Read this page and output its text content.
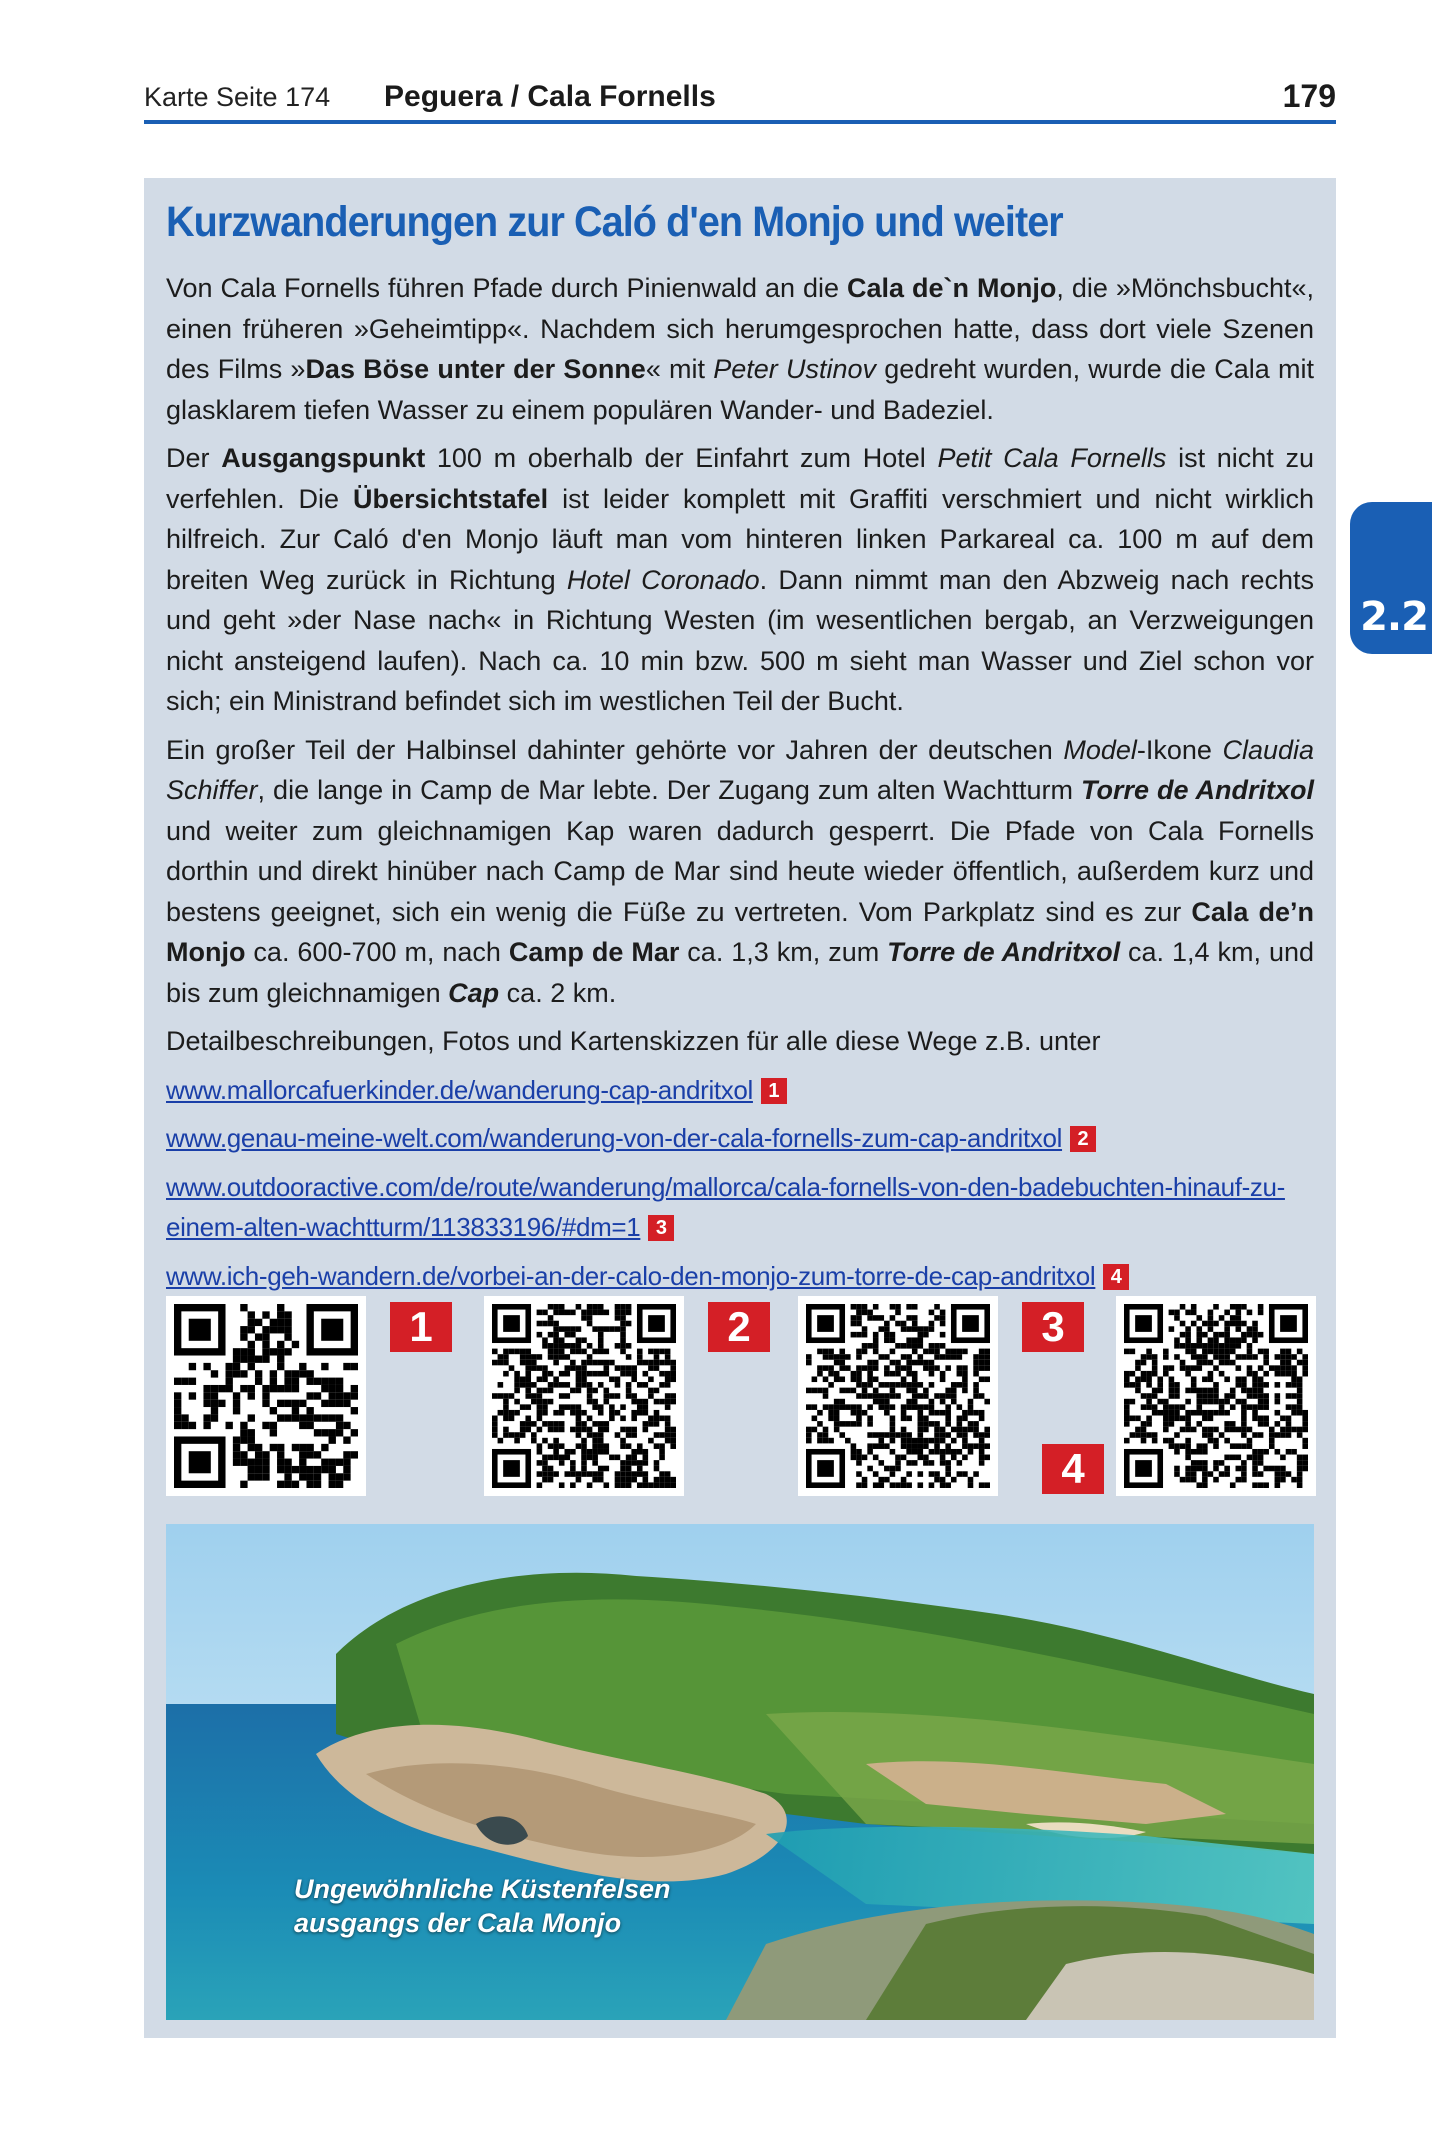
Karte Seite 174 Peguera / Cala Fornells	179
2.2
Kurzwanderungen zur Caló d'en Monjo und weiter

Von Cala Fornells führen Pfade durch Pinienwald an die Cala de`n Monjo, die »Mönchsbucht«, einen früheren »Geheimtipp«. Nachdem sich herumgesprochen hatte, dass dort viele Szenen des Films »Das Böse unter der Sonne« mit Peter Ustinov gedreht wurden, wurde die Cala mit glasklarem tiefen Wasser zu einem populären Wander- und Badeziel.

Der Ausgangspunkt 100 m oberhalb der Einfahrt zum Hotel Petit Cala Fornells ist nicht zu verfehlen. Die Übersichtstafel ist leider komplett mit Graffiti verschmiert und nicht wirklich hilfreich. Zur Caló d'en Monjo läuft man vom hinteren linken Parkareal ca. 100 m auf dem breiten Weg zurück in Richtung Hotel Coronado. Dann nimmt man den Abzweig nach rechts und geht »der Nase nach« in Richtung Westen (im wesentlichen bergab, an Verzweigungen nicht ansteigend laufen). Nach ca. 10 min bzw. 500 m sieht man Wasser und Ziel schon vor sich; ein Ministrand befindet sich im westlichen Teil der Bucht.

Ein großer Teil der Halbinsel dahinter gehörte vor Jahren der deutschen Model-Ikone Claudia Schiffer, die lange in Camp de Mar lebte. Der Zugang zum alten Wachtturm Torre de Andritxol und weiter zum gleichnamigen Kap waren dadurch gesperrt. Die Pfade von Cala Fornells dorthin und direkt hinüber nach Camp de Mar sind heute wieder öffentlich, außerdem kurz und bestens geeignet, sich ein wenig die Füße zu vertreten. Vom Parkplatz sind es zur Cala de’n Monjo ca. 600-700 m, nach Camp de Mar ca. 1,3 km, zum Torre de Andritxol ca. 1,4 km, und bis zum gleichnamigen Cap ca. 2 km.

Detailbeschreibungen, Fotos und Kartenskizzen für alle diese Wege z.B. unter

www.mallorcafuerkinder.de/wanderung-cap-andritxol 1
www.genau-meine-welt.com/wanderung-von-der-cala-fornells-zum-cap-andritxol 2
www.outdooractive.com/de/route/wanderung/mallorca/cala-fornells-von-den-badebuchten-hinauf-zu-einem-alten-wachtturm/113833196/#dm=1 3
www.ich-geh-wandern.de/vorbei-an-der-calo-den-monjo-zum-torre-de-cap-andritxol 4
1	2	3
4
Ungewöhnliche Küstenfelsen
ausgangs der Cala Monjo
